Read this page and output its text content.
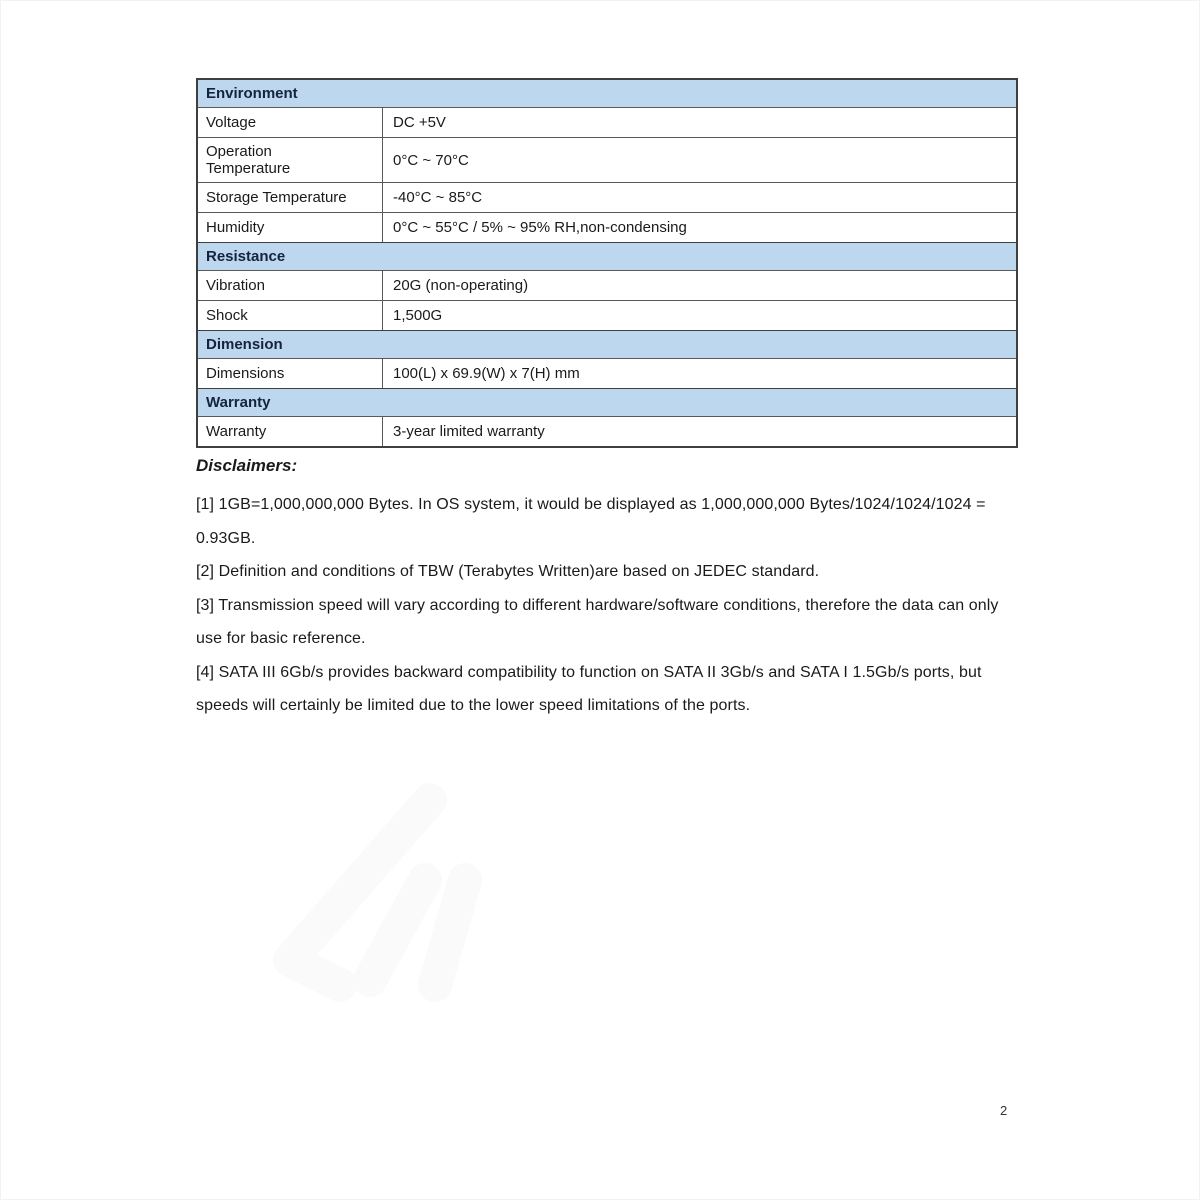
Environment
Voltage	DC +5V
Operation Temperature	0°C ~ 70°C
Storage Temperature	-40°C ~ 85°C
Humidity	0°C ~ 55°C / 5% ~ 95% RH,non-condensing
Resistance
Vibration	20G (non-operating)
Shock	1,500G
Dimension
Dimensions	100(L) x 69.9(W) x 7(H) mm
Warranty
Warranty	3-year limited warranty
Disclaimers:

[1] 1GB=1,000,000,000 Bytes. In OS system, it would be displayed as 1,000,000,000 Bytes/1024/1024/1024 = 0.93GB.

[2] Definition and conditions of TBW (Terabytes Written)are based on JEDEC standard.

[3] Transmission speed will vary according to different hardware/software conditions, therefore the data can only use for basic reference.

[4] SATA III 6Gb/s provides backward compatibility to function on SATA II 3Gb/s and SATA I 1.5Gb/s ports, but speeds will certainly be limited due to the lower speed limitations of the ports.

2
